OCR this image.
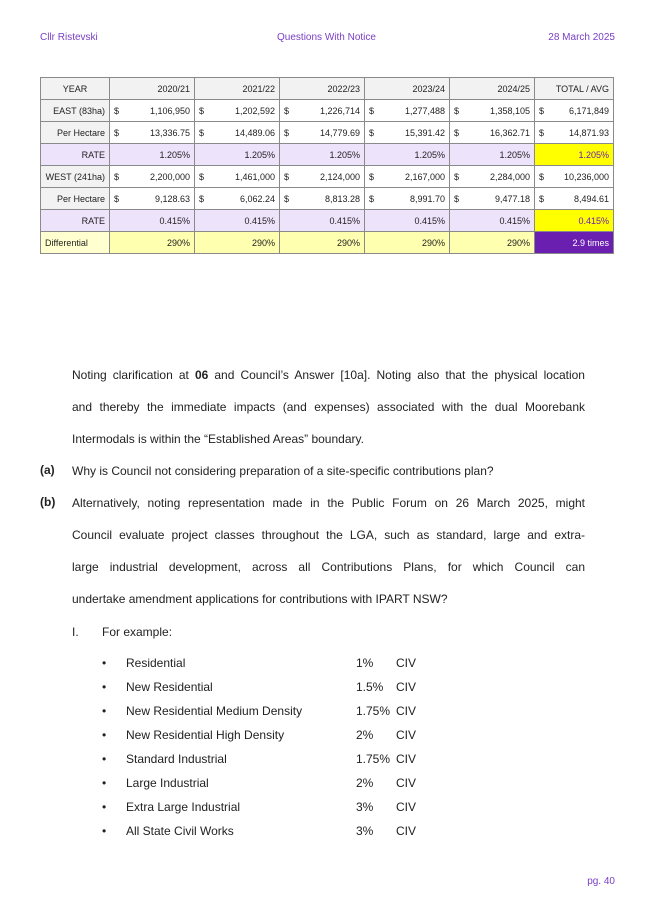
Cllr Ristevski	Questions With Notice	28 March 2025
YEAR	2020/21	2021/22	2022/23	2023/24	2024/25	TOTAL / AVG
EAST (83ha)	$ 1,106,950	$ 1,202,592	$ 1,226,714	$ 1,277,488	$ 1,358,105	$ 6,171,849

Per Hectare	$ 13,336.75	$ 14,489.06	$ 14,779.69	$ 15,391.42	$ 16,362.71	$ 14,871.93

RATE	1.205%	1.205%	1.205%	1.205%	1.205%	1.205%
WEST (241ha)	$ 2,200,000	$ 1,461,000	$ 2,124,000	$ 2,167,000	$ 2,284,000	$ 10,236,000

Per Hectare	$ 9,128.63	$ 6,062.24	$ 8,813.28	$ 8,991.70	$ 9,477.18	$ 8,494.61

RATE	0.415%	0.415%	0.415%	0.415%	0.415%	0.415%
Differential	290%	290%	290%	290%	290%	2.9 times
Noting clarification at 06 and Council’s Answer [10a]. Noting also that the physical location
and thereby the immediate impacts (and expenses) associated with the dual Moorebank
Intermodals is within the “Established Areas” boundary.
(a) Why is Council not considering preparation of a site-specific contributions plan?
(b) Alternatively, noting representation made in the Public Forum on 26 March 2025, might
Council evaluate project classes throughout the LGA, such as standard, large and extra-
large industrial development, across all Contributions Plans, for which Council can
undertake amendment applications for contributions with IPART NSW?
I. For example:
• Residential	1% CIV
• New Residential	1.5% CIV
• New Residential Medium Density	1.75% CIV
• New Residential High Density	2% CIV
• Standard Industrial	1.75% CIV
• Large Industrial	2% CIV
• Extra Large Industrial	3% CIV
• All State Civil Works	3% CIV
pg. 40
